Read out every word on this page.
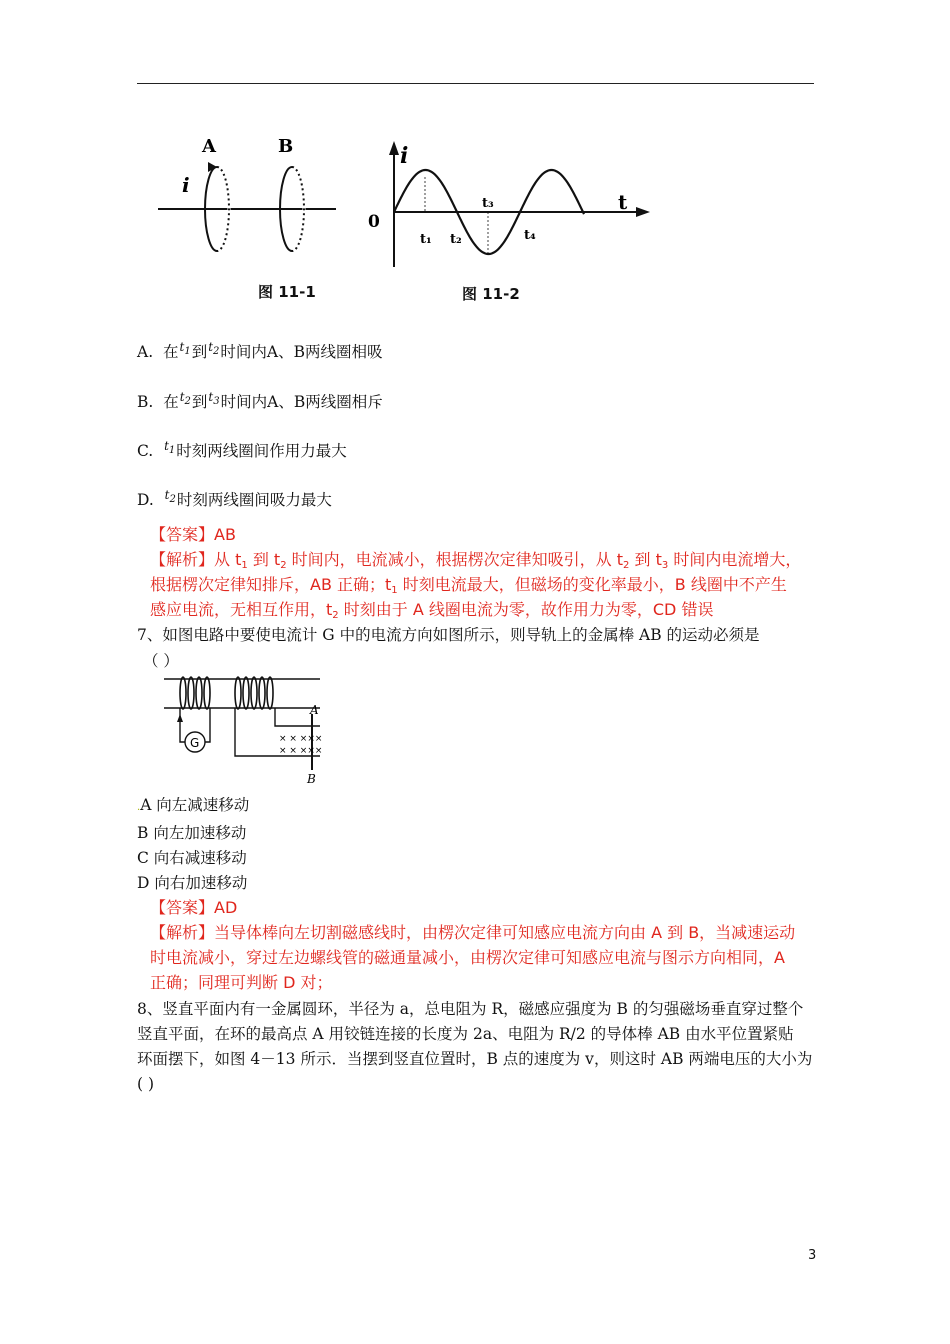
A	B
i
i
t
0
t₁ t₂
t₃
t₄
图 11-1	图 11-2
A. 在$^{t_1}$到$^{t_2}$时间内A、B两线圈相吸
B. 在$^{t_2}$到$^{t_3}$时间内A、B两线圈相斥
C. $^{t_1}$时刻两线圈间作用力最大
D. $^{t_2}$时刻两线圈间吸力最大
【答案】AB
【解析】从 $t_1$ 到 $t_2$ 时间内，电流减小，根据楞次定律知吸引，从 $t_2$ 到 $t_3$ 时间内电流增大，
根据楞次定律知排斥，AB 正确；$t_1$ 时刻电流最大，但磁场的变化率最小，B 线圈中不产生
感应电流，无相互作用，$t_2$ 时刻由于 A 线圈电流为零，故作用力为零，CD 错误
7、如图电路中要使电流计 G 中的电流方向如图所示，则导轨上的金属棒 AB 的运动必须是
（ ）
G	× × ×××
× × ×××
A
B
.A 向左减速移动
B 向左加速移动
C 向右减速移动
D 向右加速移动
【答案】AD
【解析】当导体棒向左切割磁感线时，由楞次定律可知感应电流方向由 A 到 B，当减速运动
时电流减小，穿过左边螺线管的磁通量减小，由楞次定律可知感应电流与图示方向相同，A
正确；同理可判断 D 对；
8、竖直平面内有一金属圆环，半径为 a，总电阻为 R，磁感应强度为 B 的匀强磁场垂直穿过整个
竖直平面，在环的最高点 A 用铰链连接的长度为 2a、电阻为 R/2 的导体棒 AB 由水平位置紧贴
环面摆下，如图 4－13 所示．当摆到竖直位置时，B 点的速度为 v，则这时 AB 两端电压的大小为
( )
3
